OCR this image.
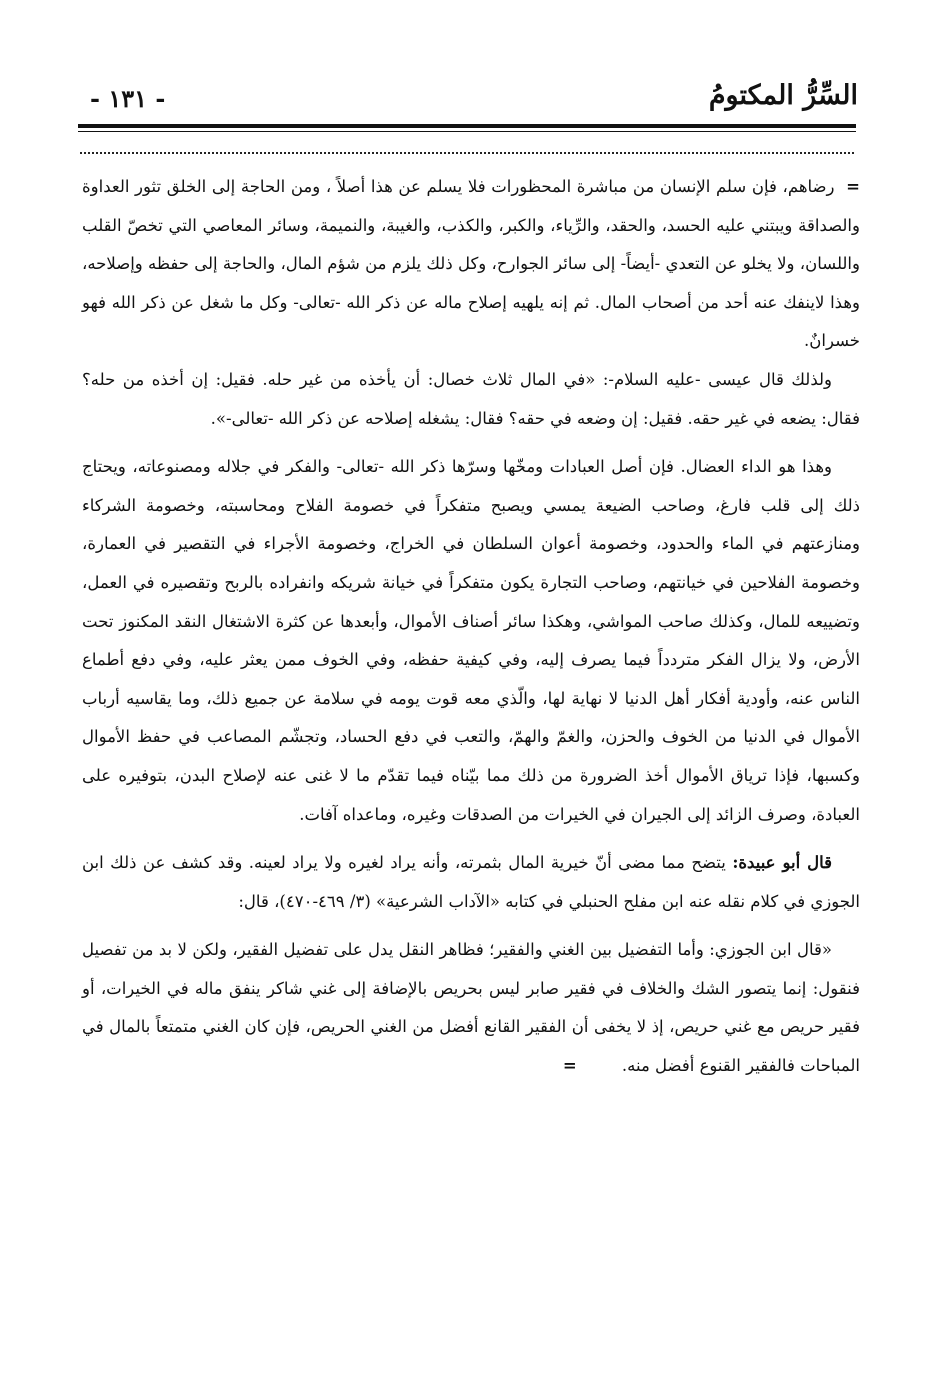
السِّرُّ المكتومُ
- ١٣١ -

= رضاهم، فإن سلم الإنسان من مباشرة المحظورات فلا يسلم عن هذا أصلاً ، ومن الحاجة إلى الخلق تثور العداوة والصداقة ويبتني عليه الحسد، والحقد، والرِّياء، والكبر، والكذب، والغيبة، والنميمة، وسائر المعاصي التي تخصّ القلب واللسان، ولا يخلو عن التعدي -أيضاً- إلى سائر الجوارح، وكل ذلك يلزم من شؤم المال، والحاجة إلى حفظه وإصلاحه، وهذا لاينفك عنه أحد من أصحاب المال. ثم إنه يلهيه إصلاح ماله عن ذكر الله -تعالى- وكل ما شغل عن ذكر الله فهو خسرانٌ.

ولذلك قال عيسى -عليه السلام-: «في المال ثلاث خصال: أن يأخذه من غير حله. فقيل: إن أخذه من حله؟ فقال: يضعه في غير حقه. فقيل: إن وضعه في حقه؟ فقال: يشغله إصلاحه عن ذكر الله -تعالى-».

وهذا هو الداء العضال. فإن أصل العبادات ومخّها وسرّها ذكر الله -تعالى- والفكر في جلاله ومصنوعاته، ويحتاج ذلك إلى قلب فارغ، وصاحب الضيعة يمسي ويصبح متفكراً في خصومة الفلاح ومحاسبته، وخصومة الشركاء ومنازعتهم في الماء والحدود، وخصومة أعوان السلطان في الخراج، وخصومة الأجراء في التقصير في العمارة، وخصومة الفلاحين في خيانتهم، وصاحب التجارة يكون متفكراً في خيانة شريكه وانفراده بالربح وتقصيره في العمل، وتضييعه للمال، وكذلك صاحب المواشي، وهكذا سائر أصناف الأموال، وأبعدها عن كثرة الاشتغال النقد المكنوز تحت الأرض، ولا يزال الفكر متردداً فيما يصرف إليه، وفي كيفية حفظه، وفي الخوف ممن يعثر عليه، وفي دفع أطماع الناس عنه، وأودية أفكار أهل الدنيا لا نهاية لها، والّذي معه قوت يومه في سلامة عن جميع ذلك، وما يقاسيه أرباب الأموال في الدنيا من الخوف والحزن، والغمّ والهمّ، والتعب في دفع الحساد، وتجشّم المصاعب في حفظ الأموال وكسبها، فإذا ترياق الأموال أخذ الضرورة من ذلك مما بيّناه فيما تقدّم ما لا غنى عنه لإصلاح البدن، بتوفيره على العبادة، وصرف الزائد إلى الجيران في الخيرات من الصدقات وغيره، وماعداه آفات.

قال أبو عبيدة: يتضح مما مضى أنّ خيرية المال بثمرته، وأنه يراد لغيره ولا يراد لعينه. وقد كشف عن ذلك ابن الجوزي في كلام نقله عنه ابن مفلح الحنبلي في كتابه «الآداب الشرعية» (٣/ ٤٦٩-٤٧٠)، قال:

«قال ابن الجوزي: وأما التفضيل بين الغني والفقير؛ فظاهر النقل يدل على تفضيل الفقير، ولكن لا بد من تفصيل فنقول: إنما يتصور الشك والخلاف في فقير صابر ليس بحريص بالإضافة إلى غني شاكر ينفق ماله في الخيرات، أو فقير حريص مع غني حريص، إذ لا يخفى أن الفقير القانع أفضل من الغني الحريص، فإن كان الغني متمتعاً بالمال في المباحات فالفقير القنوع أفضل منه. =
